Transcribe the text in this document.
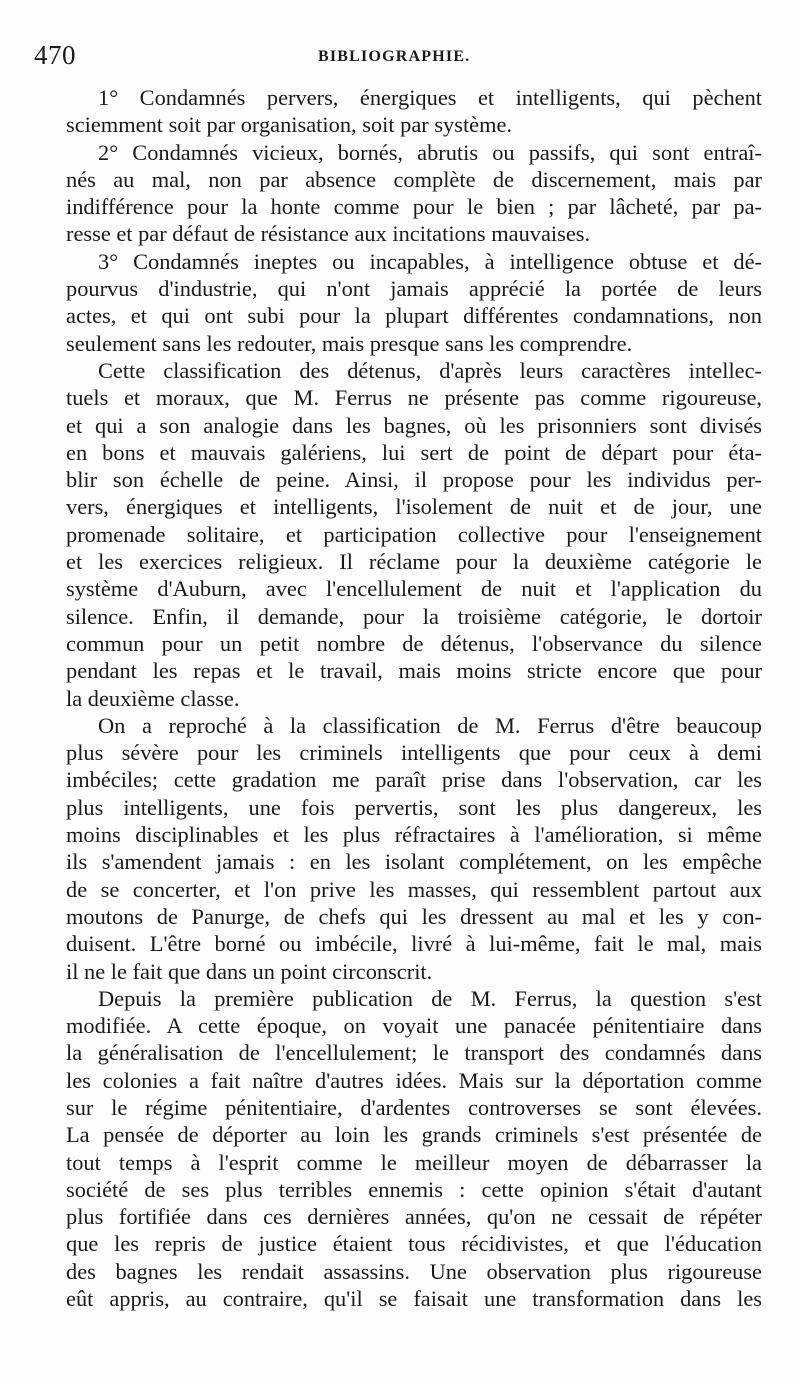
470	BIBLIOGRAPHIE.
1° Condamnés pervers, énergiques et intelligents, qui pèchent
sciemment soit par organisation, soit par système.
2° Condamnés vicieux, bornés, abrutis ou passifs, qui sont entraî-
nés au mal, non par absence complète de discernement, mais par
indifférence pour la honte comme pour le bien ; par lâcheté, par pa-
resse et par défaut de résistance aux incitations mauvaises.
3° Condamnés ineptes ou incapables, à intelligence obtuse et dé-
pourvus d'industrie, qui n'ont jamais apprécié la portée de leurs
actes, et qui ont subi pour la plupart différentes condamnations, non
seulement sans les redouter, mais presque sans les comprendre.
Cette classification des détenus, d'après leurs caractères intellec-
tuels et moraux, que M. Ferrus ne présente pas comme rigoureuse,
et qui a son analogie dans les bagnes, où les prisonniers sont divisés
en bons et mauvais galériens, lui sert de point de départ pour éta-
blir son échelle de peine. Ainsi, il propose pour les individus per-
vers, énergiques et intelligents, l'isolement de nuit et de jour, une
promenade solitaire, et participation collective pour l'enseignement
et les exercices religieux. Il réclame pour la deuxième catégorie le
système d'Auburn, avec l'encellulement de nuit et l'application du
silence. Enfin, il demande, pour la troisième catégorie, le dortoir
commun pour un petit nombre de détenus, l'observance du silence
pendant les repas et le travail, mais moins stricte encore que pour
la deuxième classe.
On a reproché à la classification de M. Ferrus d'être beaucoup
plus sévère pour les criminels intelligents que pour ceux à demi
imbéciles; cette gradation me paraît prise dans l'observation, car les
plus intelligents, une fois pervertis, sont les plus dangereux, les
moins disciplinables et les plus réfractaires à l'amélioration, si même
ils s'amendent jamais : en les isolant complétement, on les empêche
de se concerter, et l'on prive les masses, qui ressemblent partout aux
moutons de Panurge, de chefs qui les dressent au mal et les y con-
duisent. L'être borné ou imbécile, livré à lui-même, fait le mal, mais
il ne le fait que dans un point circonscrit.
Depuis la première publication de M. Ferrus, la question s'est
modifiée. A cette époque, on voyait une panacée pénitentiaire dans
la généralisation de l'encellulement; le transport des condamnés dans
les colonies a fait naître d'autres idées. Mais sur la déportation comme
sur le régime pénitentiaire, d'ardentes controverses se sont élevées.
La pensée de déporter au loin les grands criminels s'est présentée de
tout temps à l'esprit comme le meilleur moyen de débarrasser la
société de ses plus terribles ennemis : cette opinion s'était d'autant
plus fortifiée dans ces dernières années, qu'on ne cessait de répéter
que les repris de justice étaient tous récidivistes, et que l'éducation
des bagnes les rendait assassins. Une observation plus rigoureuse
eût appris, au contraire, qu'il se faisait une transformation dans les
